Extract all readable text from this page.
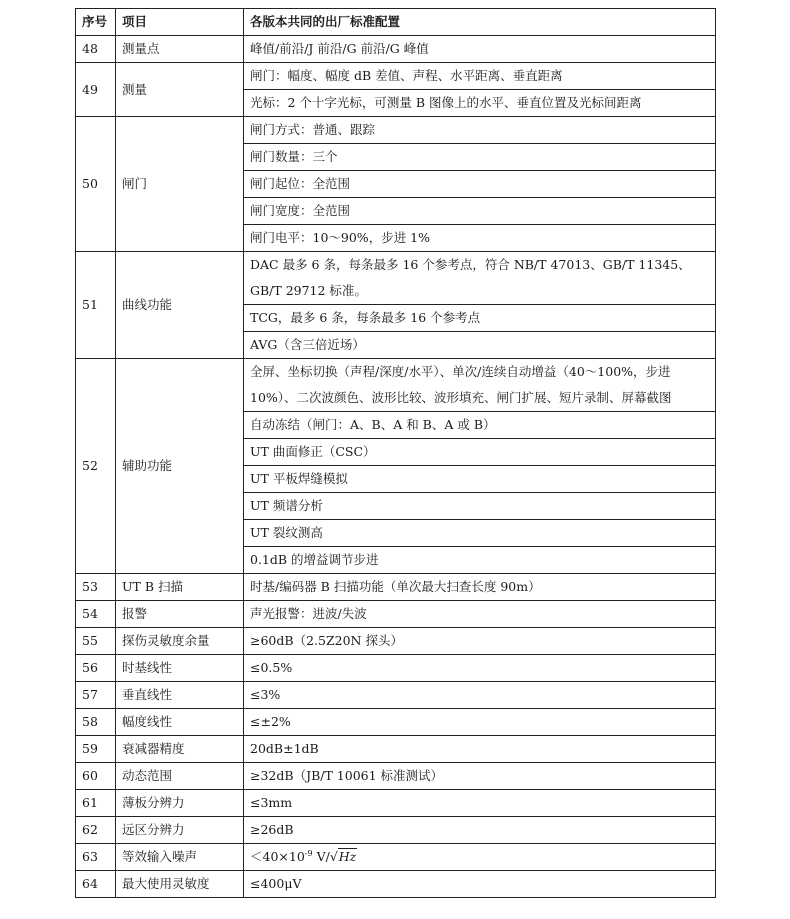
序号	项目	各版本共同的出厂标准配置
48	测量点	峰值/前沿/J 前沿/G 前沿/G 峰值
49	测量	闸门：幅度、幅度 dB 差值、声程、水平距离、垂直距离
		光标：2 个十字光标，可测量 B 图像上的水平、垂直位置及光标间距离
50	闸门	闸门方式：普通、跟踪
		闸门数量：三个
		闸门起位：全范围
		闸门宽度：全范围
		闸门电平：10～90%，步进 1%
51	曲线功能	DAC 最多 6 条，每条最多 16 个参考点，符合 NB/T 47013、GB/T 11345、GB/T 29712 标准。
		TCG，最多 6 条，每条最多 16 个参考点
		AVG（含三倍近场）
52	辅助功能	全屏、坐标切换（声程/深度/水平）、单次/连续自动增益（40～100%，步进 10%）、二次波颜色、波形比较、波形填充、闸门扩展、短片录制、屏幕截图
		自动冻结（闸门：A、B、A 和 B、A 或 B）
		UT 曲面修正（CSC）
		UT 平板焊缝模拟
		UT 频谱分析
		UT 裂纹测高
		0.1dB 的增益调节步进
53	UT B 扫描	时基/编码器 B 扫描功能（单次最大扫查长度 90m）
54	报警	声光报警：进波/失波
55	探伤灵敏度余量	≥60dB（2.5Z20N 探头）
56	时基线性	≤0.5%
57	垂直线性	≤3%
58	幅度线性	≤±2%
59	衰减器精度	20dB±1dB
60	动态范围	≥32dB（JB/T 10061 标准测试）
61	薄板分辨力	≤3mm
62	远区分辨力	≥26dB
63	等效输入噪声	$<40\times 10^{-9}$ V/√Hz
64	最大使用灵敏度	≤400μV
